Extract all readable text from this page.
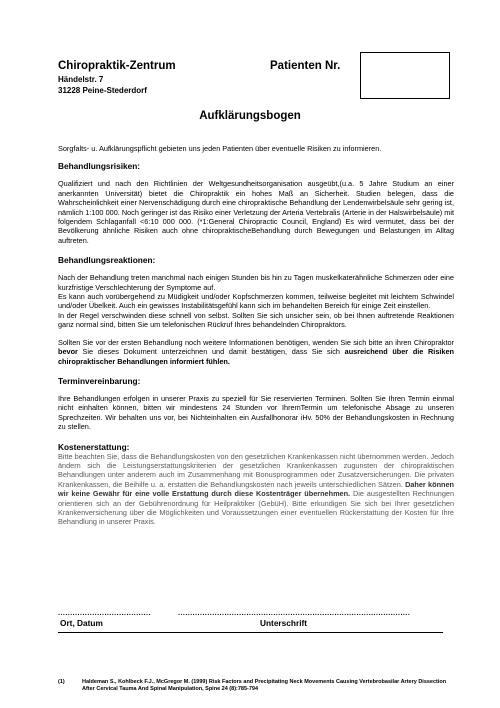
Chiropraktik-Zentrum
Händelstr. 7
31228 Peine-Stederdorf
Patienten Nr.
Aufklärungsbogen

Sorgfalts- u. Aufklärungspflicht gebieten uns jeden Patienten über eventuelle Risiken zu informieren.

Behandlungsrisiken:

Qualifiziert und nach den Richtlinien der Weltgesundheitsorganisation ausgeübt,(u.a. 5 Jahre Studium an einer anerkannten Universität) bietet die Chiropraktik ein hohes Maß an Sicherheit. Studien belegen, dass die Wahrscheinlichkeit einer Nervenschädigung durch eine chiropraktische Behandlung der Lendenwirbelsäule sehr gering ist, nämlich 1:100 000. Noch geringer ist das Risiko einer Verletzung der Arteria Vertebralis (Arterie in der Halswirbelsäule) mit folgendem Schlaganfall <6:10 000 000. (*1:General Chiropractic Council, England) Es wird vermutet, dass bei der Bevölkerung ähnliche Risiken auch ohne chiropraktischeBehandlung durch Bewegungen und Belastungen im Alltag auftreten.

Behandlungsreaktionen:

Nach der Behandlung treten manchmal nach einigen Stunden bis hin zu Tagen muskelkaterähnliche Schmerzen oder eine kurzfristige Verschlechterung der Symptome auf.

Es kann auch vorübergehend zu Müdigkeit und/oder Kopfschmerzen kommen, teilweise begleitet mit leichtem Schwindel und/oder Übelkeit. Auch ein gewisses Instabilitätsgefühl kann sich im behandelten Bereich für einige Zeit einstellen.

In der Regel verschwinden diese schnell von selbst. Sollten Sie sich unsicher sein, ob bei Ihnen auftretende Reaktionen ganz normal sind, bitten Sie um telefonischen Rückruf Ihres behandelnden Chiropraktors.

Sollten Sie vor der ersten Behandlung noch weitere Informationen benötigen, wenden Sie sich bitte an ihren Chiropraktor bevor Sie dieses Dokument unterzeichnen und damit bestätigen, dass Sie sich ausreichend über die Risiken chiropraktischer Behandlungen informiert fühlen.

Terminvereinbarung:

Ihre Behandlungen erfolgen in unserer Praxis zu speziell für Sie reservierten Terminen. Sollten Sie Ihren Termin einmal nicht einhalten können, bitten wir mindestens 24 Stunden vor IhremTermin um telefonische Absage zu unseren Sprechzeiten. Wir behalten uns vor, bei Nichteinhalten ein Ausfallhonorar iHv. 50% der Behandlungskosten in Rechnung zu stellen.

Kostenerstattung:

Bitte beachten Sie, dass die Behandlungskosten von den gesetzlichen Krankenkassen nicht übernommen werden. Jedoch ändern sich die Leistungserstattungskriterien der gesetzlichen Krankenkassen zugunsten der chiropraktischen Behandlungen unter anderem auch im Zusammenhang mit Bonusprogrammen oder Zusatzversicherungen. Die privaten Krankenkassen, die Beihilfe u. a. erstatten die Behandlungskosten nach jeweils unterschiedlichen Sätzen. Daher können wir keine Gewähr für eine volle Erstattung durch diese Kostenträger übernehmen. Die ausgestellten Rechnungen orientieren sich an der Gebührenordnung für Heilpraktiker (GebüH). Bitte erkundigen Sie sich bei Ihrer gesetzlichen Krankenversicherung über die Möglichkeiten und Voraussetzungen einer eventuellen Rückerstattung der Kosten für Ihre Behandlung in unserer Praxis.

......................................	...............................................................................................
Ort, Datum	Unterschrift
(1)	Haldeman S., Kohlbeck F.J., McGregor M. (1999) Risk Factors and Precipitating Neck Movements Causing Vertebrobasilar Artery Dissection After Cervical Tauma And Spinal Manipulation, Spine 24 (8):785-794
